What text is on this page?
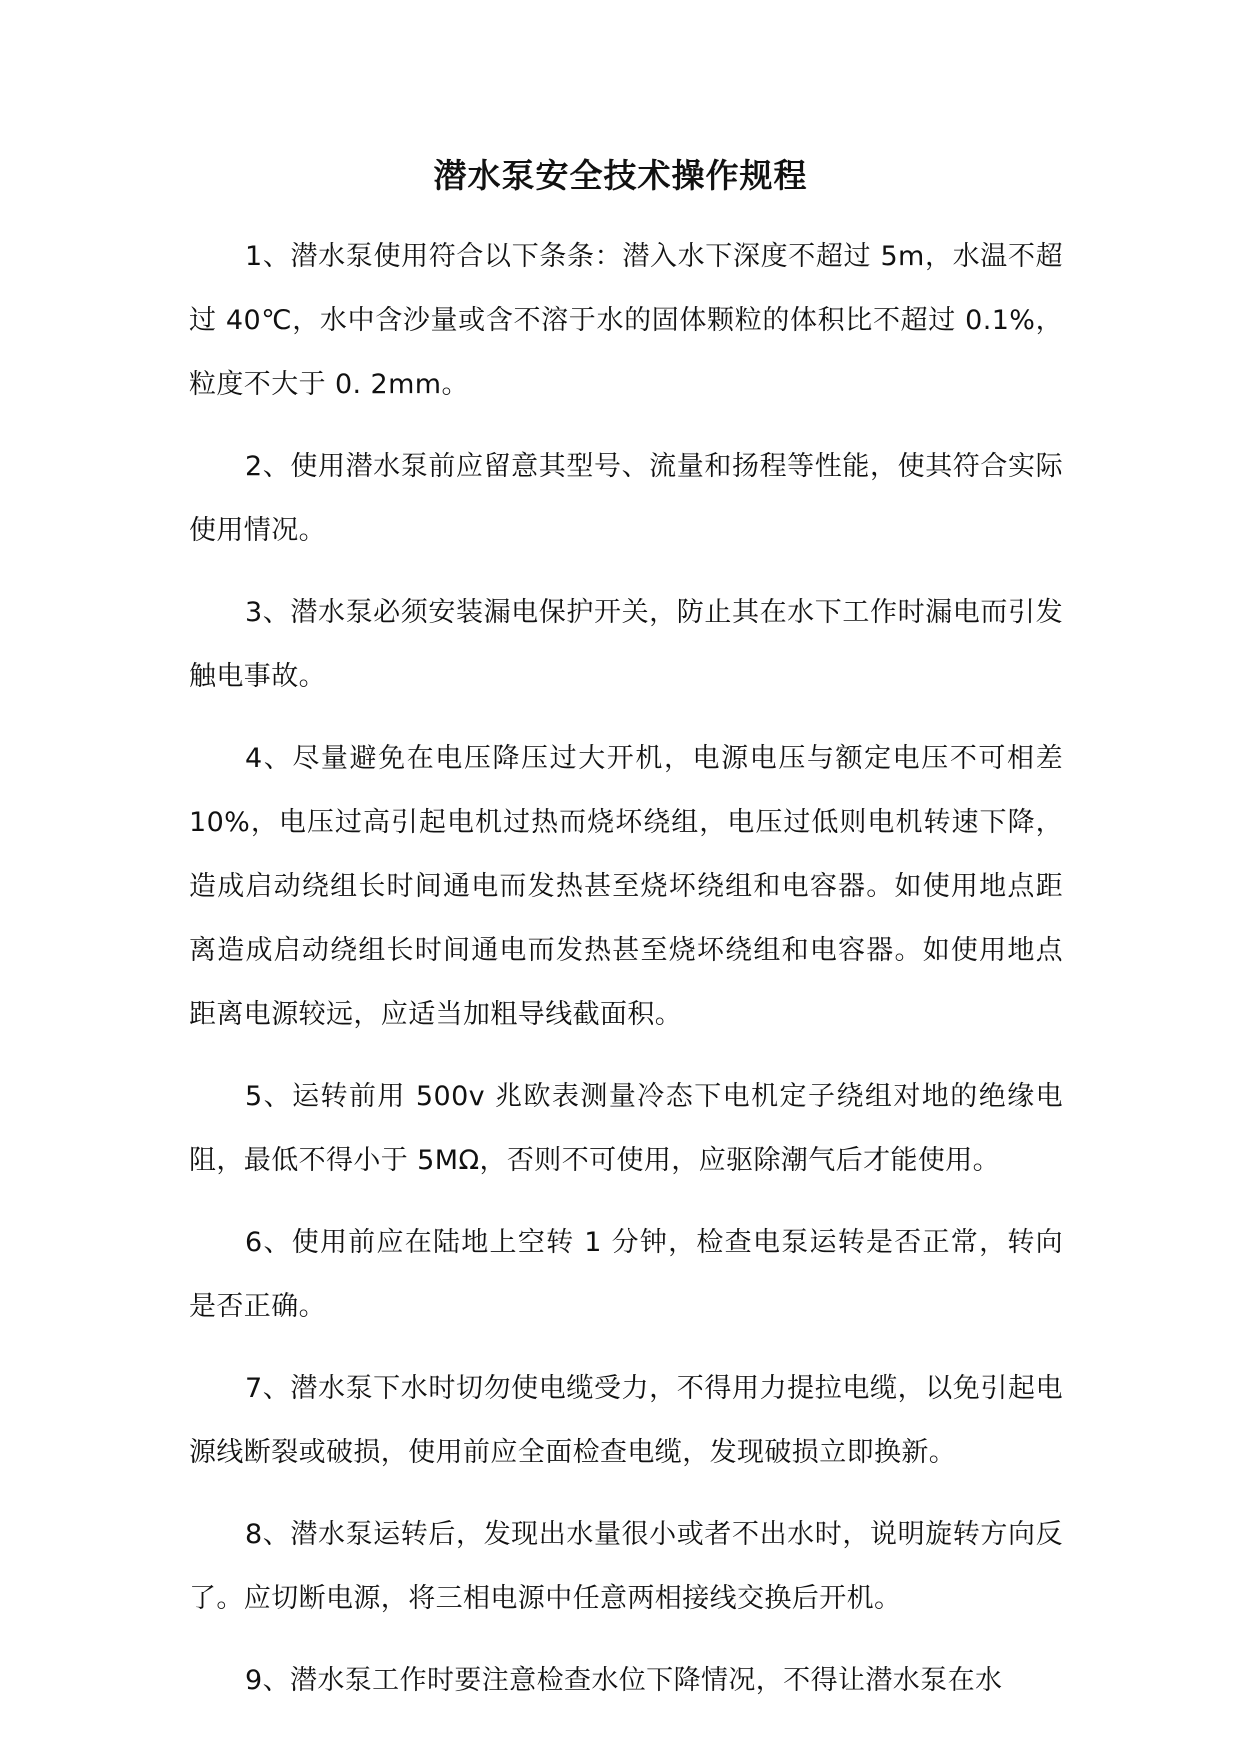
潜水泵安全技术操作规程

1、潜水泵使用符合以下条条：潜入水下深度不超过 5m，水温不超过 40℃，水中含沙量或含不溶于水的固体颗粒的体积比不超过 0.1%，粒度不大于 0. 2mm。

2、使用潜水泵前应留意其型号、流量和扬程等性能，使其符合实际使用情况。

3、潜水泵必须安装漏电保护开关，防止其在水下工作时漏电而引发触电事故。

4、尽量避免在电压降压过大开机，电源电压与额定电压不可相差 10%，电压过高引起电机过热而烧坏绕组，电压过低则电机转速下降，造成启动绕组长时间通电而发热甚至烧坏绕组和电容器。如使用地点距离造成启动绕组长时间通电而发热甚至烧坏绕组和电容器。如使用地点距离电源较远，应适当加粗导线截面积。

5、运转前用 500v 兆欧表测量冷态下电机定子绕组对地的绝缘电阻，最低不得小于 5MΩ，否则不可使用，应驱除潮气后才能使用。

6、使用前应在陆地上空转 1 分钟，检查电泵运转是否正常，转向是否正确。

7、潜水泵下水时切勿使电缆受力，不得用力提拉电缆，以免引起电源线断裂或破损，使用前应全面检查电缆，发现破损立即换新。

8、潜水泵运转后，发现出水量很小或者不出水时，说明旋转方向反了。应切断电源，将三相电源中任意两相接线交换后开机。

9、潜水泵工作时要注意检查水位下降情况，不得让潜水泵在水
